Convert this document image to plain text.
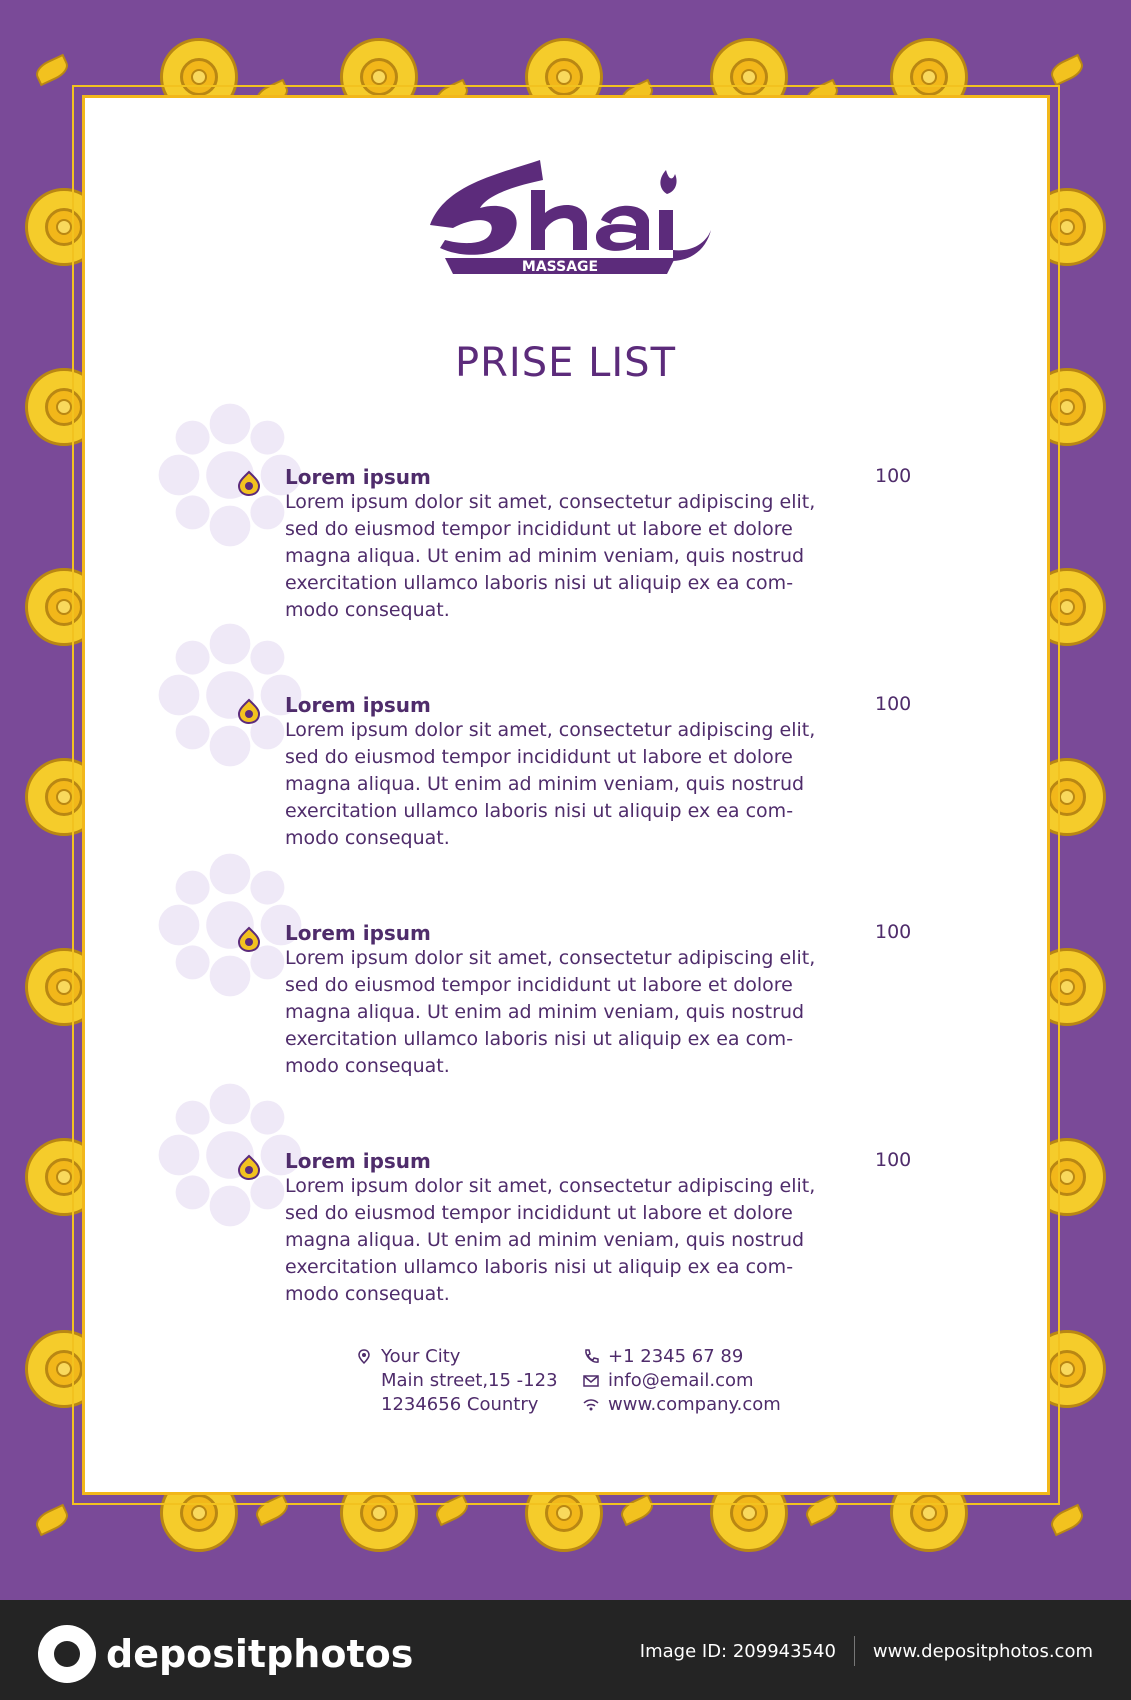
MASSAGE
PRISE LIST
Lorem ipsum
Lorem ipsum dolor sit amet, consectetur adipiscing elit,
sed do eiusmod tempor incididunt ut labore et dolore
magna aliqua. Ut enim ad minim veniam, quis nostrud
exercitation ullamco laboris nisi ut aliquip ex ea com-
modo consequat.
100
Lorem ipsum
Lorem ipsum dolor sit amet, consectetur adipiscing elit,
sed do eiusmod tempor incididunt ut labore et dolore
magna aliqua. Ut enim ad minim veniam, quis nostrud
exercitation ullamco laboris nisi ut aliquip ex ea com-
modo consequat.
100
Lorem ipsum
Lorem ipsum dolor sit amet, consectetur adipiscing elit,
sed do eiusmod tempor incididunt ut labore et dolore
magna aliqua. Ut enim ad minim veniam, quis nostrud
exercitation ullamco laboris nisi ut aliquip ex ea com-
modo consequat.
100
Lorem ipsum
Lorem ipsum dolor sit amet, consectetur adipiscing elit,
sed do eiusmod tempor incididunt ut labore et dolore
magna aliqua. Ut enim ad minim veniam, quis nostrud
exercitation ullamco laboris nisi ut aliquip ex ea com-
modo consequat.
100
Your City
Main street,15 -123
1234656 Country
+1 2345 67 89
info@email.com
www.company.com
depositphotos	Image ID: 209943540 www.depositphotos.com
